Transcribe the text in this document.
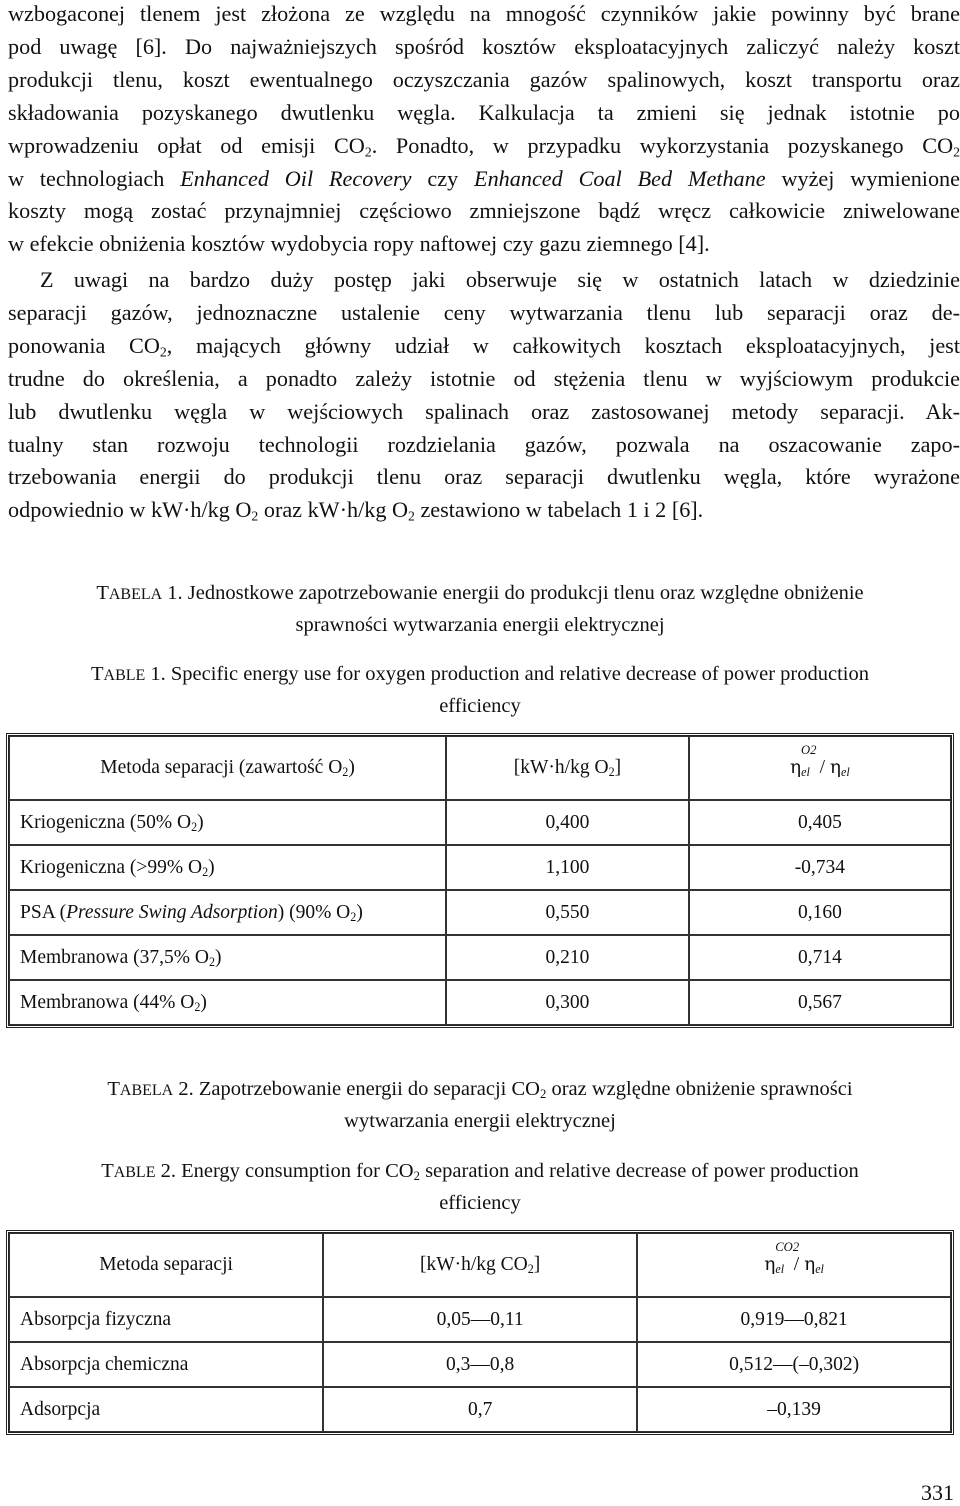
wzbogaconej tlenem jest złożona ze względu na mnogość czynników jakie powinny być brane
pod uwagę [6]. Do najważniejszych spośród kosztów eksploatacyjnych zaliczyć należy koszt
produkcji tlenu, koszt ewentualnego oczyszczania gazów spalinowych, koszt transportu oraz
składowania pozyskanego dwutlenku węgla. Kalkulacja ta zmieni się jednak istotnie po
wprowadzeniu opłat od emisji $CO_2$. Ponadto, w przypadku wykorzystania pozyskanego $CO_2$
w technologiach Enhanced Oil Recovery czy Enhanced Coal Bed Methane wyżej wymienione
koszty mogą zostać przynajmniej częściowo zmniejszone bądź wręcz całkowicie zniwelowane
w efekcie obniżenia kosztów wydobycia ropy naftowej czy gazu ziemnego [4].
Z uwagi na bardzo duży postęp jaki obserwuje się w ostatnich latach w dziedzinie
separacji gazów, jednoznaczne ustalenie ceny wytwarzania tlenu lub separacji oraz de-
ponowania $CO_2$, mających główny udział w całkowitych kosztach eksploatacyjnych, jest
trudne do określenia, a ponadto zależy istotnie od stężenia tlenu w wyjściowym produkcie
lub dwutlenku węgla w wejściowych spalinach oraz zastosowanej metody separacji. Ak-
tualny stan rozwoju technologii rozdzielania gazów, pozwala na oszacowanie zapo-
trzebowania energii do produkcji tlenu oraz separacji dwutlenku węgla, które wyrażone
odpowiednio w kW·h/kg $O_2$ oraz kW·h/kg $O_2$ zestawiono w tabelach 1 i 2 [6].
TABELA 1. Jednostkowe zapotrzebowanie energii do produkcji tlenu oraz względne obniżenie
sprawności wytwarzania energii elektrycznej
TABLE 1. Specific energy use for oxygen production and relative decrease of power production
efficiency
Metoda separacji (zawartość $O_2$)	[kW·h/kg $O_2$]	η
O2
$_{el} / \eta_{el}$
Kriogeniczna (50% $O_2$)	0,400	0,405
Kriogeniczna (>99% $O_2$)	1,100	-0,734
PSA (Pressure Swing Adsorption) (90% $O_2$)	0,550	0,160
Membranowa (37,5% $O_2$)	0,210	0,714
Membranowa (44% $O_2$)	0,300	0,567
TABELA 2. Zapotrzebowanie energii do separacji $CO_2$ oraz względne obniżenie sprawności
wytwarzania energii elektrycznej
TABLE 2. Energy consumption for $CO_2$ separation and relative decrease of power production
efficiency
Metoda separacji	[kW·h/kg $CO_2$]	η
CO2
$_{el} / \eta_{el}$
Absorpcja fizyczna	0,05—0,11	0,919—0,821
Absorpcja chemiczna	0,3—0,8	0,512—(–0,302)
Adsorpcja	0,7	–0,139
331
